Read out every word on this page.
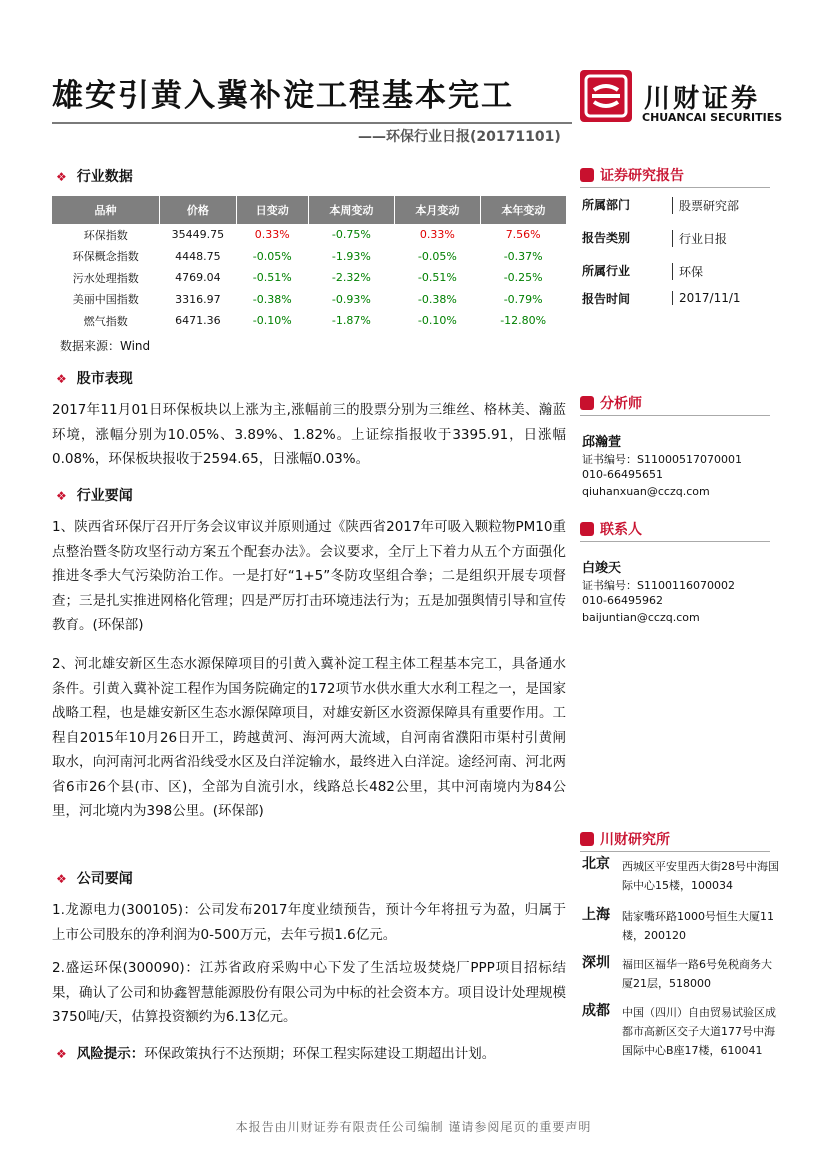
雄安引黄入冀补淀工程基本完工
——环保行业日报(20171101)
川财证券
CHUANCAI SECURITIES
❖ 行业数据
品种	价格	日变动	本周变动	本月变动	本年变动
环保指数	35449.75	0.33%	-0.75%	0.33%	7.56%
环保概念指数	4448.75	-0.05%	-1.93%	-0.05%	-0.37%
污水处理指数	4769.04	-0.51%	-2.32%	-0.51%	-0.25%
美丽中国指数	3316.97	-0.38%	-0.93%	-0.38%	-0.79%
燃气指数	6471.36	-0.10%	-1.87%	-0.10%	-12.80%
数据来源：Wind
❖ 股市表现
2017年11月01日环保板块以上涨为主,涨幅前三的股票分别为三维丝、格林美、瀚蓝环境，涨幅分别为10.05%、3.89%、1.82%。上证综指报收于3395.91，日涨幅0.08%，环保板块报收于2594.65，日涨幅0.03%。
❖ 行业要闻
1、陕西省环保厅召开厅务会议审议并原则通过《陕西省2017年可吸入颗粒物PM10重点整治暨冬防攻坚行动方案五个配套办法》。会议要求，全厅上下着力从五个方面强化推进冬季大气污染防治工作。一是打好“1+5”冬防攻坚组合拳；二是组织开展专项督查；三是扎实推进网格化管理；四是严厉打击环境违法行为；五是加强舆情引导和宣传教育。(环保部)
2、河北雄安新区生态水源保障项目的引黄入冀补淀工程主体工程基本完工，具备通水条件。引黄入冀补淀工程作为国务院确定的172项节水供水重大水利工程之一，是国家战略工程，也是雄安新区生态水源保障项目，对雄安新区水资源保障具有重要作用。工程自2015年10月26日开工，跨越黄河、海河两大流域，自河南省濮阳市渠村引黄闸取水，向河南河北两省沿线受水区及白洋淀输水，最终进入白洋淀。途经河南、河北两省6市26个县(市、区)，全部为自流引水，线路总长482公里，其中河南境内为84公里，河北境内为398公里。(环保部)
❖ 公司要闻
1.龙源电力(300105)：公司发布2017年度业绩预告，预计今年将扭亏为盈，归属于上市公司股东的净利润为0-500万元，去年亏损1.6亿元。
2.盛运环保(300090)：江苏省政府采购中心下发了生活垃圾焚烧厂PPP项目招标结果，确认了公司和协鑫智慧能源股份有限公司为中标的社会资本方。项目设计处理规模3750吨/天，估算投资额约为6.13亿元。
❖ 风险提示：环保政策执行不达预期；环保工程实际建设工期超出计划。
证券研究报告
所属部门	股票研究部
报告类别	行业日报
所属行业	环保
报告时间	2017/11/1
分析师
邱瀚萱
证书编号：S1100051707000‍1
010-66495651
qiuhanxuan@cczq.com
联系人
白竣天
证书编号：S1100116070002
010-66495962
baijuntian@cczq.com
川财研究所
北京 西城区平安里西大街28号中海国际中心15楼，100034
上海 陆家嘴环路1000号恒生大厦11楼，200120
深圳 福田区福华一路6号免税商务大厦21层，518000
成都 中国（四川）自由贸易试验区成都市高新区交子大道177号中海国际中心B座17楼，610041
本报告由川财证券有限责任公司编制 谨请参阅尾页的重要声明
